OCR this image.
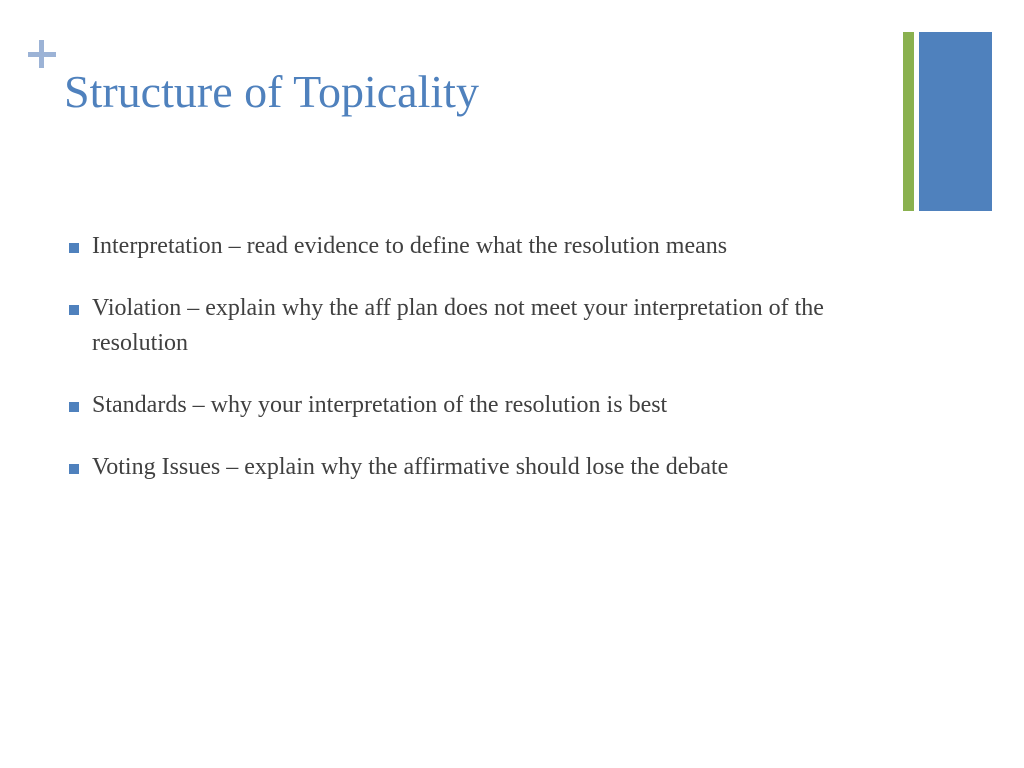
Structure of Topicality
Interpretation – read evidence to define what the resolution means
Violation – explain why the aff plan does not meet your interpretation of the resolution
Standards – why your interpretation of the resolution is best
Voting Issues – explain why the affirmative should lose the debate
